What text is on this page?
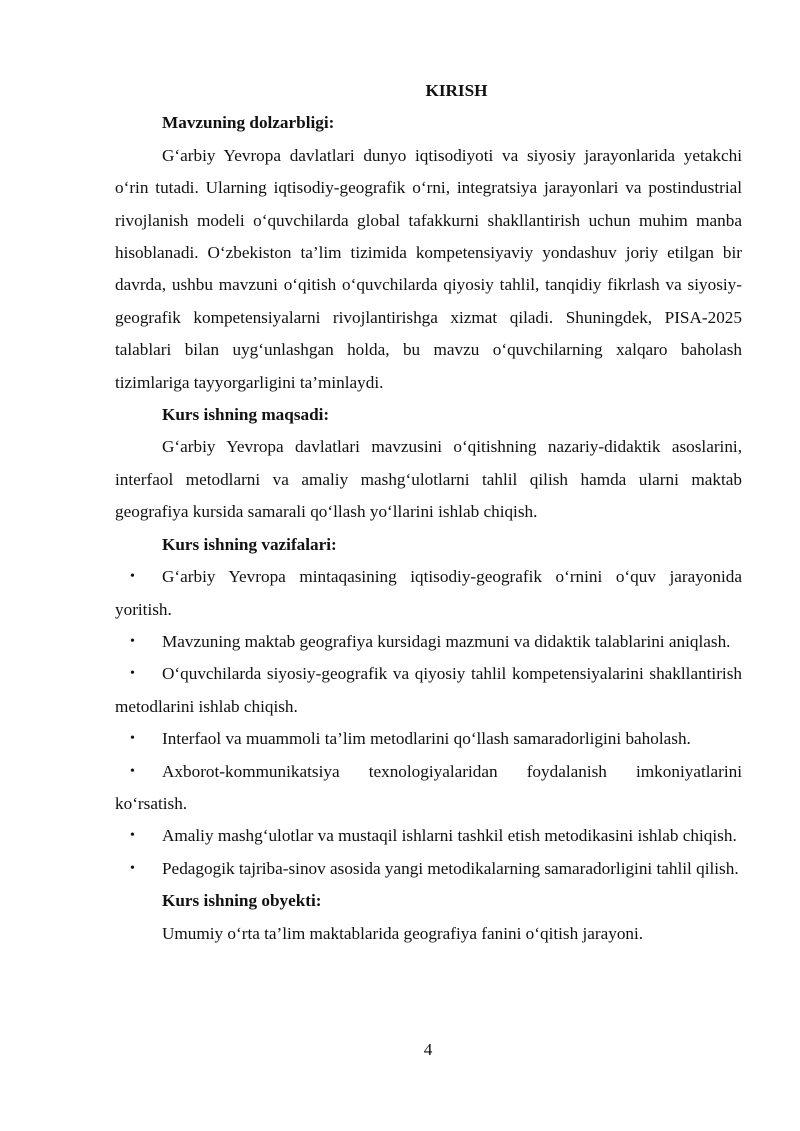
KIRISH
Mavzuning dolzarbligi:

G‘arbiy Yevropa davlatlari dunyo iqtisodiyoti va siyosiy jarayonlarida yetakchi o‘rin tutadi. Ularning iqtisodiy-geografik o‘rni, integratsiya jarayonlari va postindustrial rivojlanish modeli o‘quvchilarda global tafakkurni shakllantirish uchun muhim manba hisoblanadi. O‘zbekiston ta’lim tizimida kompetensiyaviy yondashuv joriy etilgan bir davrda, ushbu mavzuni o‘qitish o‘quvchilarda qiyosiy tahlil, tanqidiy fikrlash va siyosiy-geografik kompetensiyalarni rivojlantirishga xizmat qiladi. Shuningdek, PISA-2025 talablari bilan uyg‘unlashgan holda, bu mavzu o‘quvchilarning xalqaro baholash tizimlariga tayyorgarligini ta’minlaydi.

Kurs ishning maqsadi:

G‘arbiy Yevropa davlatlari mavzusini o‘qitishning nazariy-didaktik asoslarini, interfaol metodlarni va amaliy mashg‘ulotlarni tahlil qilish hamda ularni maktab geografiya kursida samarali qo‘llash yo‘llarini ishlab chiqish.

Kurs ishning vazifalari:

• G‘arbiy Yevropa mintaqasining iqtisodiy-geografik o‘rnini o‘quv jarayonida yoritish.

• Mavzuning maktab geografiya kursidagi mazmuni va didaktik talablarini aniqlash.

• O‘quvchilarda siyosiy-geografik va qiyosiy tahlil kompetensiyalarini shakllantirish metodlarini ishlab chiqish.

• Interfaol va muammoli ta’lim metodlarini qo‘llash samaradorligini baholash.

• Axborot-kommunikatsiya texnologiyalaridan foydalanish imkoniyatlarini ko‘rsatish.

• Amaliy mashg‘ulotlar va mustaqil ishlarni tashkil etish metodikasini ishlab chiqish.

• Pedagogik tajriba-sinov asosida yangi metodikalarning samaradorligini tahlil qilish.

Kurs ishning obyekti:

Umumiy o‘rta ta’lim maktablarida geografiya fanini o‘qitish jarayoni.

4
